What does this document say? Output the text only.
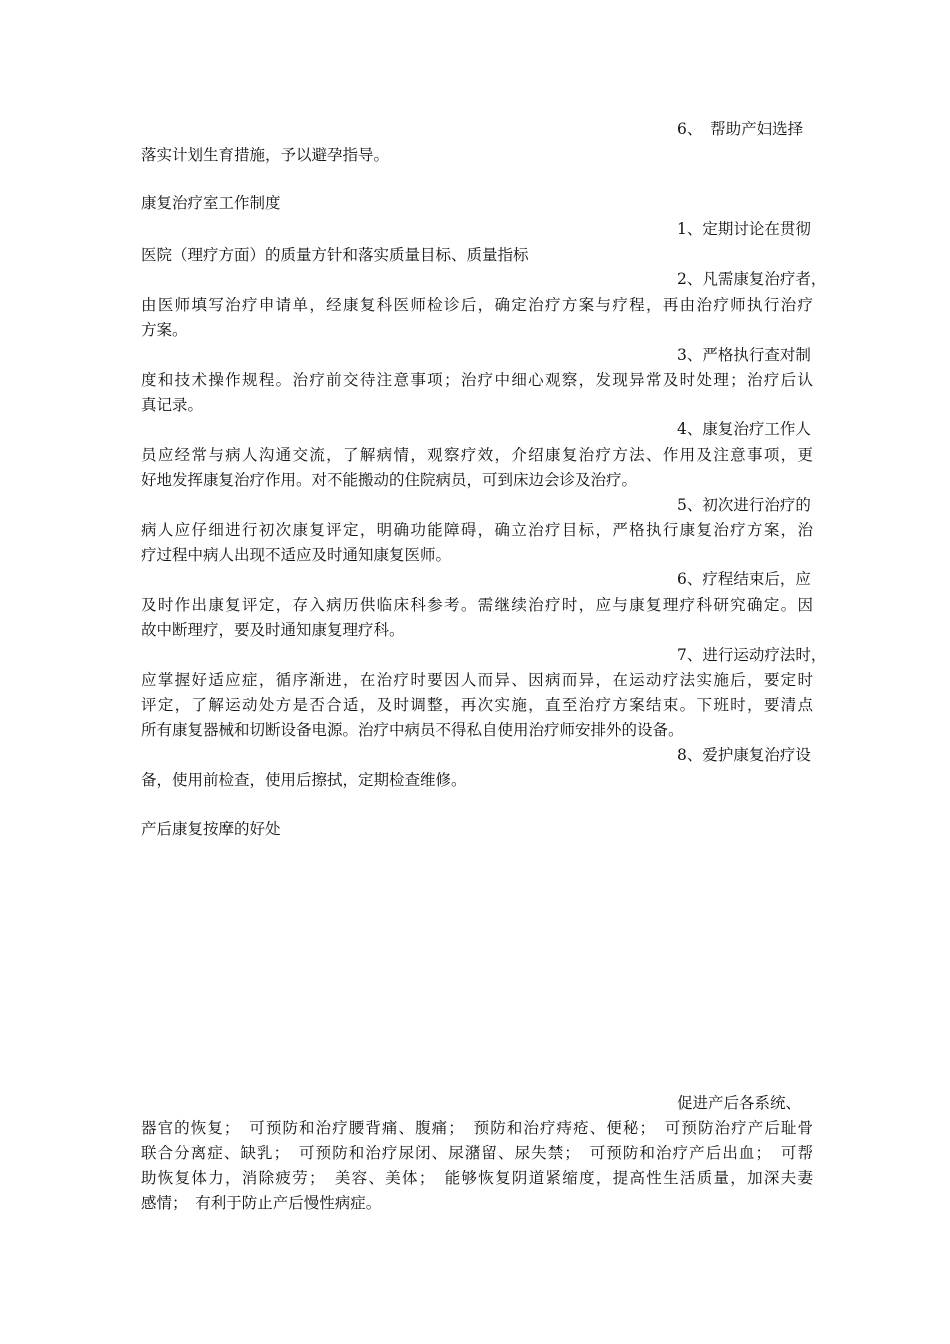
6、　帮助产妇选择
落实计划生育措施，予以避孕指导。
康复治疗室工作制度
1、定期讨论在贯彻
医院（理疗方面）的质量方针和落实质量目标、质量指标
2、凡需康复治疗者，
由医师填写治疗申请单，经康复科医师检诊后，确定治疗方案与疗程，再由治疗师执行治疗
方案。
3、严格执行查对制
度和技术操作规程。治疗前交待注意事项；治疗中细心观察，发现异常及时处理；治疗后认
真记录。
4、康复治疗工作人
员应经常与病人沟通交流，了解病情，观察疗效，介绍康复治疗方法、作用及注意事项，更
好地发挥康复治疗作用。对不能搬动的住院病员，可到床边会诊及治疗。
5、初次进行治疗的
病人应仔细进行初次康复评定，明确功能障碍，确立治疗目标，严格执行康复治疗方案，治
疗过程中病人出现不适应及时通知康复医师。
6、疗程结束后，应
及时作出康复评定，存入病历供临床科参考。需继续治疗时，应与康复理疗科研究确定。因
故中断理疗，要及时通知康复理疗科。
7、进行运动疗法时，
应掌握好适应症，循序渐进，在治疗时要因人而异、因病而异，在运动疗法实施后，要定时
评定，了解运动处方是否合适，及时调整，再次实施，直至治疗方案结束。下班时，要清点
所有康复器械和切断设备电源。治疗中病员不得私自使用治疗师安排外的设备。
8、爱护康复治疗设
备，使用前检查，使用后擦拭，定期检查维修。
产后康复按摩的好处
促进产后各系统、
器官的恢复；　可预防和治疗腰背痛、腹痛；　预防和治疗痔疮、便秘；　可预防治疗产后耻骨
联合分离症、缺乳；　可预防和治疗尿闭、尿潴留、尿失禁；　可预防和治疗产后出血；　可帮
助恢复体力，消除疲劳；　美容、美体；　能够恢复阴道紧缩度，提高性生活质量，加深夫妻
感情；　有利于防止产后慢性病症。
